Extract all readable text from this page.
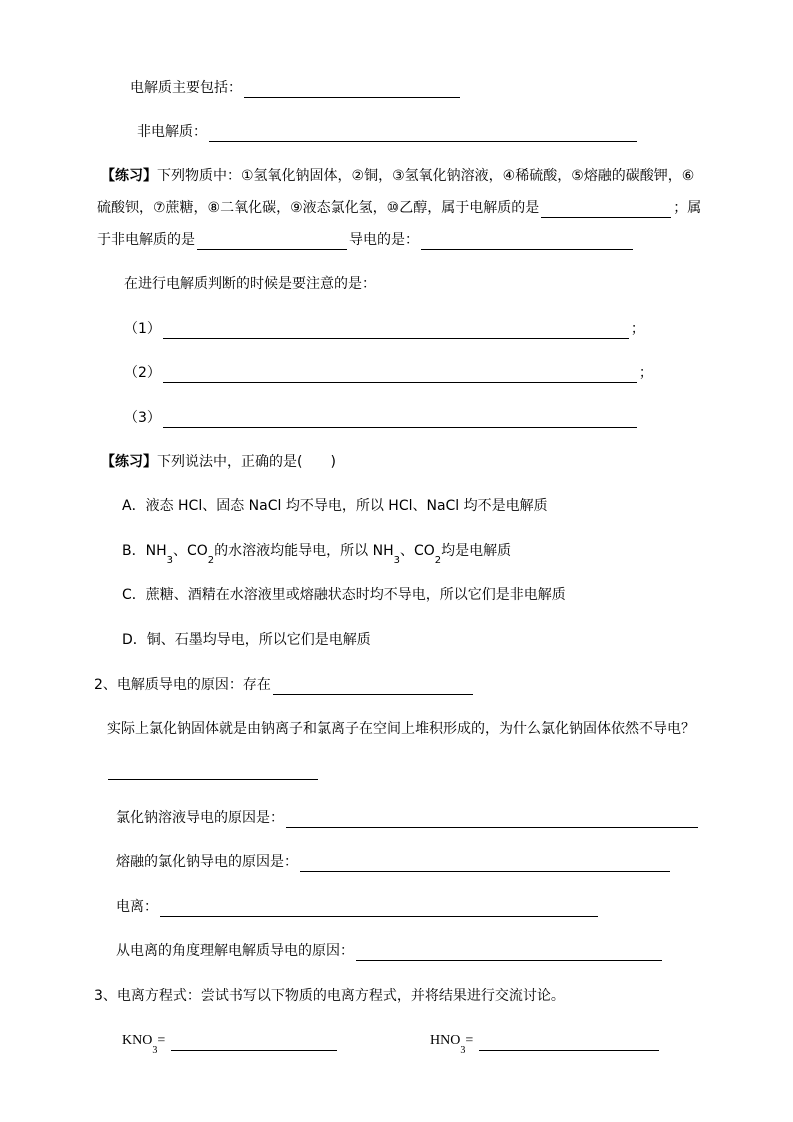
电解质主要包括：
非电解质：
【练习】 下列物质中：①氢氧化钠固体，②铜，③氢氧化钠溶液，④稀硫酸，⑤熔融的碳酸钾，⑥
硫酸钡，⑦蔗糖，⑧二氧化碳，⑨液态氯化氢，⑩乙醇，属于电解质的是	；属
于非电解质的是	导电的是：
在进行电解质判断的时候是要注意的是：
（1）	；
（2）	；
（3）
【练习】 下列说法中，正确的是(　　)
A．液态 HCl、固态 NaCl 均不导电，所以 HCl、NaCl 均不是电解质
B．NH
3
、CO
2
的水溶液均能导电，所以 NH
3
、CO
2
均是电解质
C．蔗糖、酒精在水溶液里或熔融状态时均不导电，所以它们是非电解质
D．铜、石墨均导电，所以它们是电解质
2、电解质导电的原因：存在
实际上氯化钠固体就是由钠离子和氯离子在空间上堆积形成的，为什么氯化钠固体依然不导电？
氯化钠溶液导电的原因是：
熔融的氯化钠导电的原因是：
电离：
从电离的角度理解电解质导电的原因：
3、电离方程式：尝试书写以下物质的电离方程式，并将结果进行交流讨论。
KNO
3
=	HNO
3
=
